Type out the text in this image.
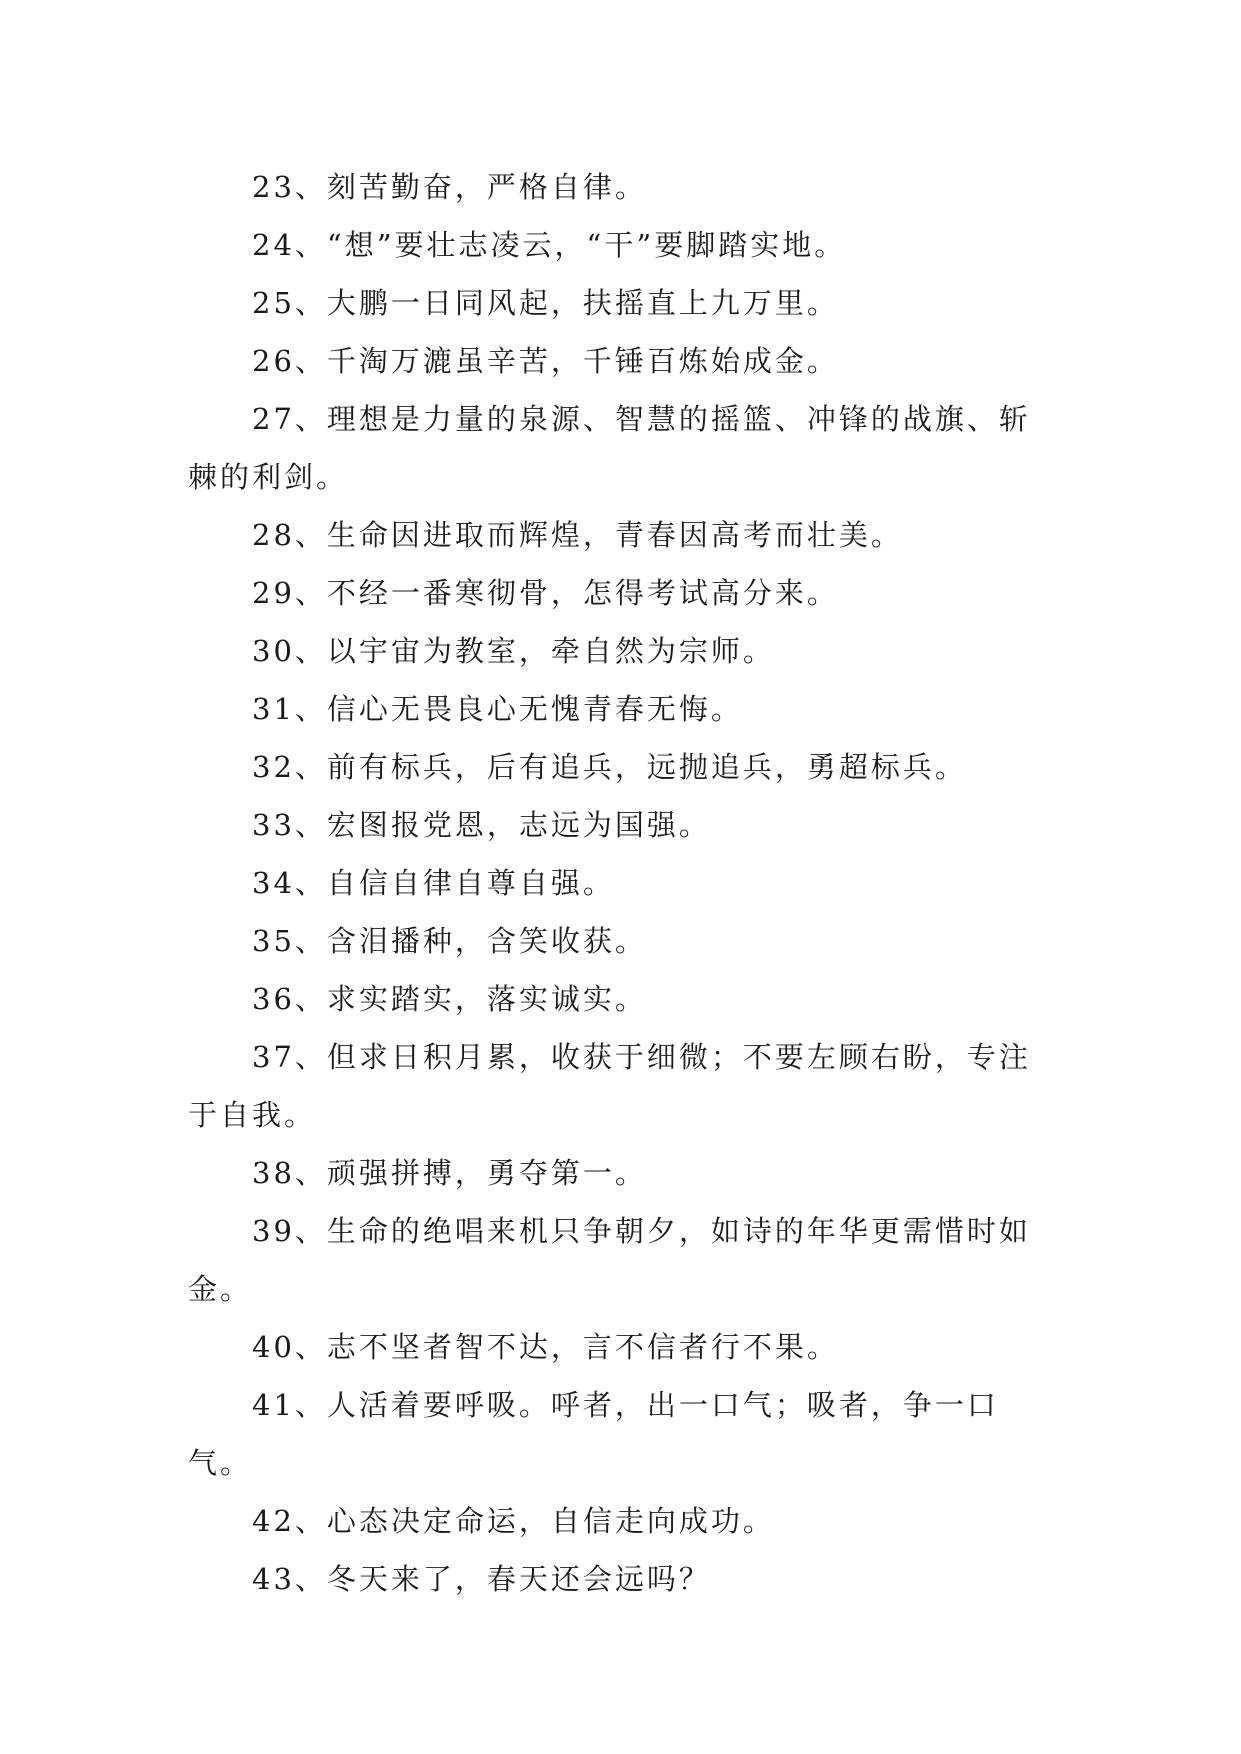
23、刻苦勤奋，严格自律。

24、“想”要壮志凌云，“干”要脚踏实地。

25、大鹏一日同风起，扶摇直上九万里。

26、千淘万漉虽辛苦，千锤百炼始成金。

27、理想是力量的泉源、智慧的摇篮、冲锋的战旗、斩棘的利剑。

28、生命因进取而辉煌，青春因高考而壮美。

29、不经一番寒彻骨，怎得考试高分来。

30、以宇宙为教室，牵自然为宗师。

31、信心无畏良心无愧青春无悔。

32、前有标兵，后有追兵，远抛追兵，勇超标兵。

33、宏图报党恩，志远为国强。

34、自信自律自尊自强。

35、含泪播种，含笑收获。

36、求实踏实，落实诚实。

37、但求日积月累，收获于细微；不要左顾右盼，专注于自我。

38、顽强拼搏，勇夺第一。

39、生命的绝唱来机只争朝夕，如诗的年华更需惜时如金。

40、志不坚者智不达，言不信者行不果。

41、人活着要呼吸。呼者，出一口气；吸者，争一口气。

42、心态决定命运，自信走向成功。

43、冬天来了，春天还会远吗？
